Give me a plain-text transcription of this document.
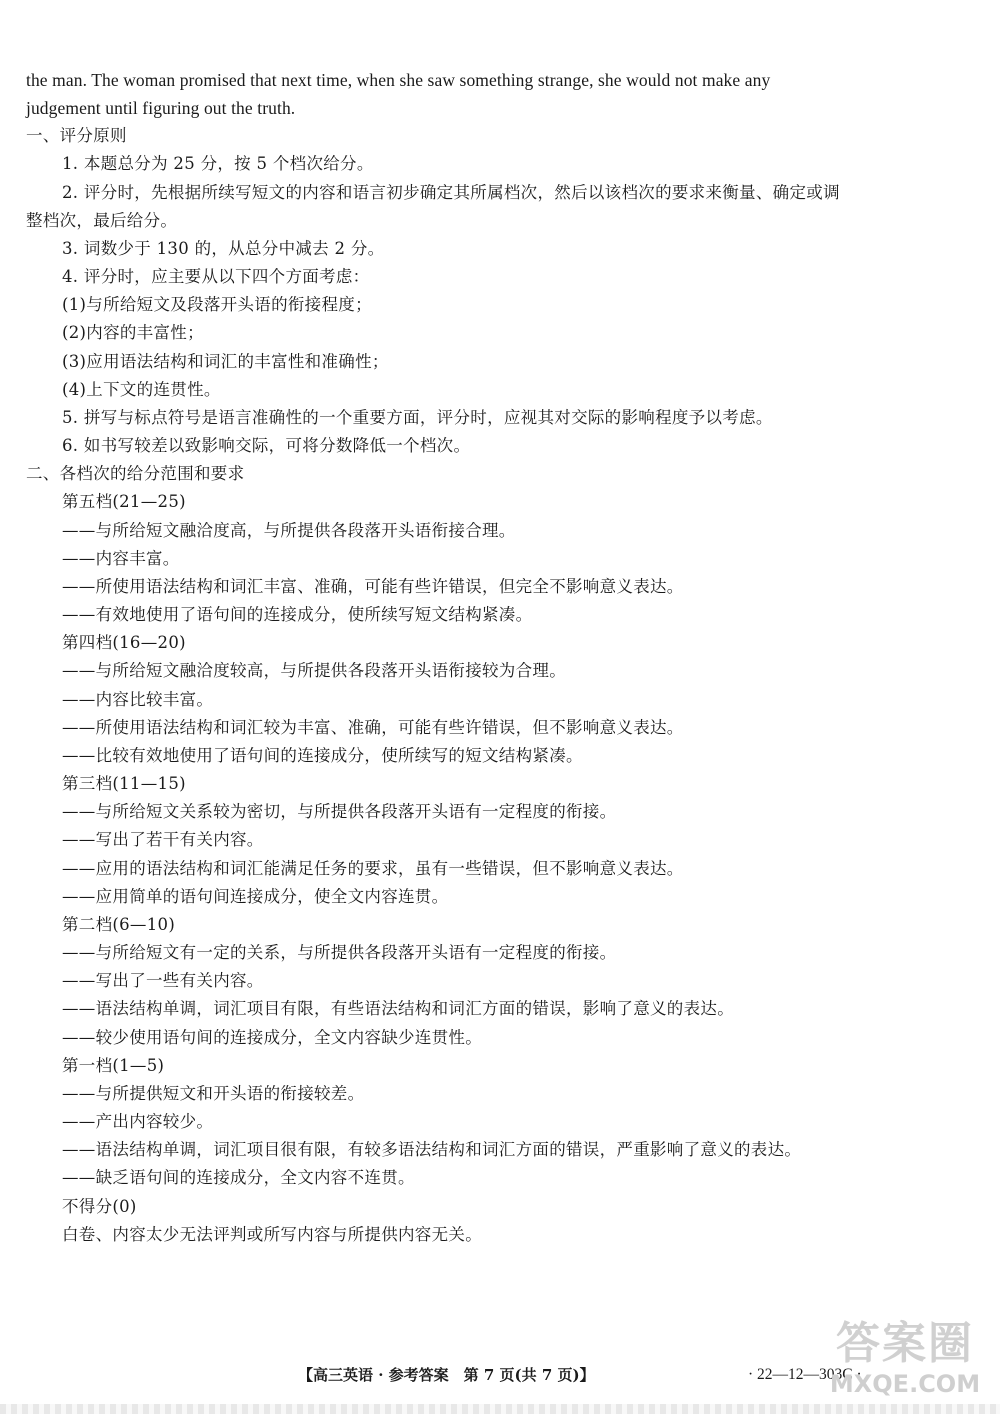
the man. The woman promised that next time, when she saw something strange, she would not make any

judgement until figuring out the truth.

一、评分原则

1. 本题总分为 25 分，按 5 个档次给分。

2. 评分时，先根据所续写短文的内容和语言初步确定其所属档次，然后以该档次的要求来衡量、确定或调

整档次，最后给分。

3. 词数少于 130 的，从总分中减去 2 分。

4. 评分时，应主要从以下四个方面考虑：

(1)与所给短文及段落开头语的衔接程度；

(2)内容的丰富性；

(3)应用语法结构和词汇的丰富性和准确性；

(4)上下文的连贯性。

5. 拼写与标点符号是语言准确性的一个重要方面，评分时，应视其对交际的影响程度予以考虑。

6. 如书写较差以致影响交际，可将分数降低一个档次。

二、各档次的给分范围和要求

第五档(21—25)

——与所给短文融洽度高，与所提供各段落开头语衔接合理。

——内容丰富。

——所使用语法结构和词汇丰富、准确，可能有些许错误，但完全不影响意义表达。

——有效地使用了语句间的连接成分，使所续写短文结构紧凑。

第四档(16—20)

——与所给短文融洽度较高，与所提供各段落开头语衔接较为合理。

——内容比较丰富。

——所使用语法结构和词汇较为丰富、准确，可能有些许错误，但不影响意义表达。

——比较有效地使用了语句间的连接成分，使所续写的短文结构紧凑。

第三档(11—15)

——与所给短文关系较为密切，与所提供各段落开头语有一定程度的衔接。

——写出了若干有关内容。

——应用的语法结构和词汇能满足任务的要求，虽有一些错误，但不影响意义表达。

——应用简单的语句间连接成分，使全文内容连贯。

第二档(6—10)

——与所给短文有一定的关系，与所提供各段落开头语有一定程度的衔接。

——写出了一些有关内容。

——语法结构单调，词汇项目有限，有些语法结构和词汇方面的错误，影响了意义的表达。

——较少使用语句间的连接成分，全文内容缺少连贯性。

第一档(1—5)

——与所提供短文和开头语的衔接较差。

——产出内容较少。

——语法结构单调，词汇项目很有限，有较多语法结构和词汇方面的错误，严重影响了意义的表达。

——缺乏语句间的连接成分，全文内容不连贯。

不得分(0)

白卷、内容太少无法评判或所写内容与所提供内容无关。

【高三英语 · 参考答案　第 7 页(共 7 页)】	· 22—12—303C ·
答案圈
MXQE.COM
